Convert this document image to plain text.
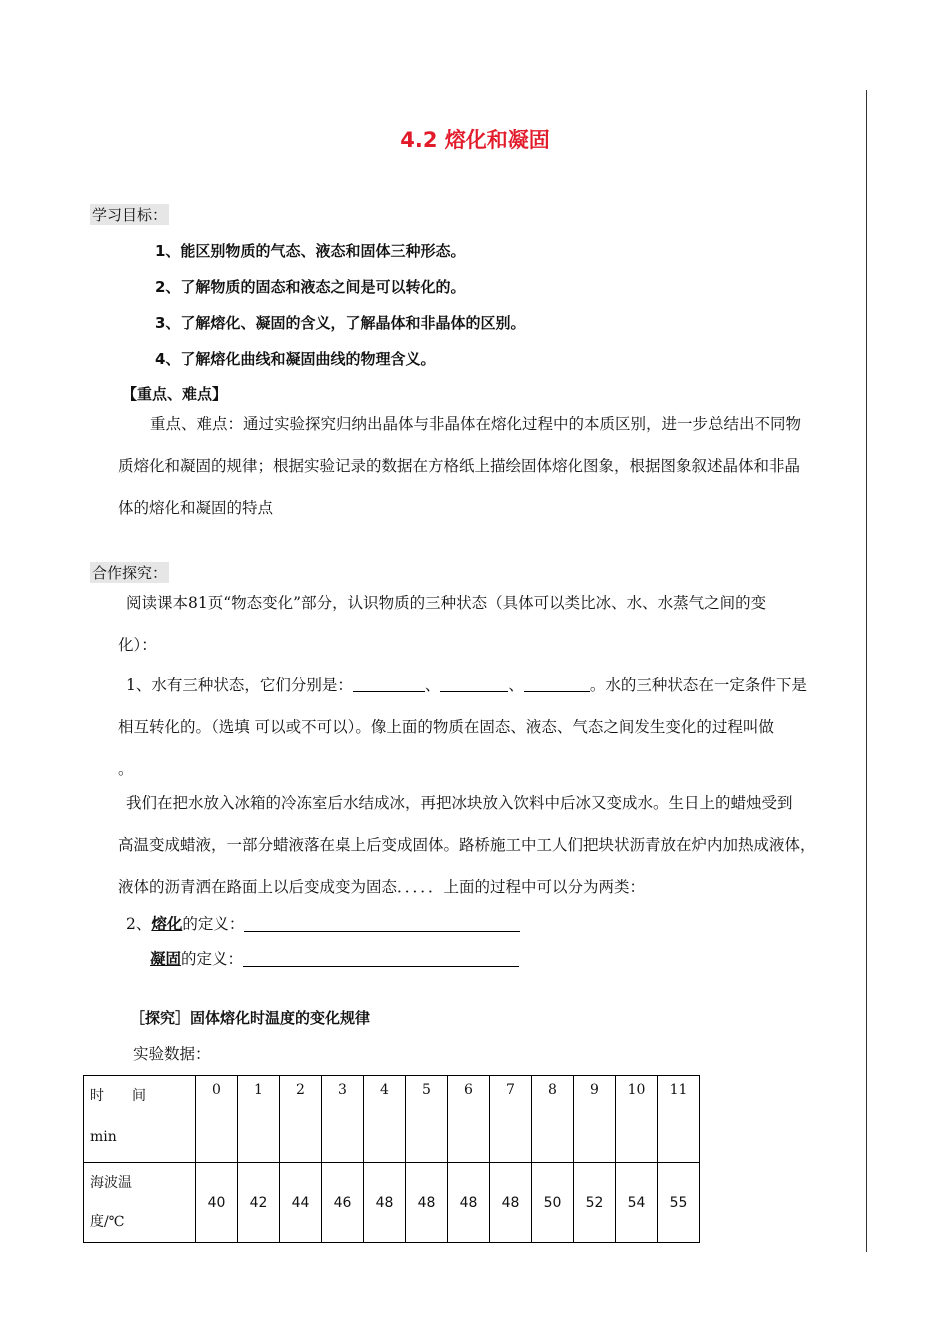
4.2 熔化和凝固
学习目标：
1、能区别物质的气态、液态和固体三种形态。
2、了解物质的固态和液态之间是可以转化的。
3、了解熔化、凝固的含义，了解晶体和非晶体的区别。
4、了解熔化曲线和凝固曲线的物理含义。
【重点、难点】
重点、难点：通过实验探究归纳出晶体与非晶体在熔化过程中的本质区别，进一步总结出不同物
质熔化和凝固的规律；根据实验记录的数据在方格纸上描绘固体熔化图象，根据图象叙述晶体和非晶
体的熔化和凝固的特点
合作探究：
阅读课本81页“物态变化”部分，认识物质的三种状态（具体可以类比冰、水、水蒸气之间的变
化）：
1、水有三种状态，它们分别是：	、	、	。水的三种状态在一定条件下是
相互转化的。（选填 可以或不可以）。像上面的物质在固态、液态、气态之间发生变化的过程叫做
。
我们在把水放入冰箱的冷冻室后水结成冰，再把冰块放入饮料中后冰又变成水。生日上的蜡烛受到
高温变成蜡液，一部分蜡液落在桌上后变成固体。路桥施工中工人们把块状沥青放在炉内加热成液体，
液体的沥青洒在路面上以后变成变为固态．．．．．上面的过程中可以分为两类：
2、熔化的定义：
凝固的定义：
［探究］固体熔化时温度的变化规律
实验数据：
时　　间
min	0	1	2	3	4	5	6	7	8	9	10	11

海波温
度/℃	40	42	44	46	48	48	48	48	50	52	54	55
